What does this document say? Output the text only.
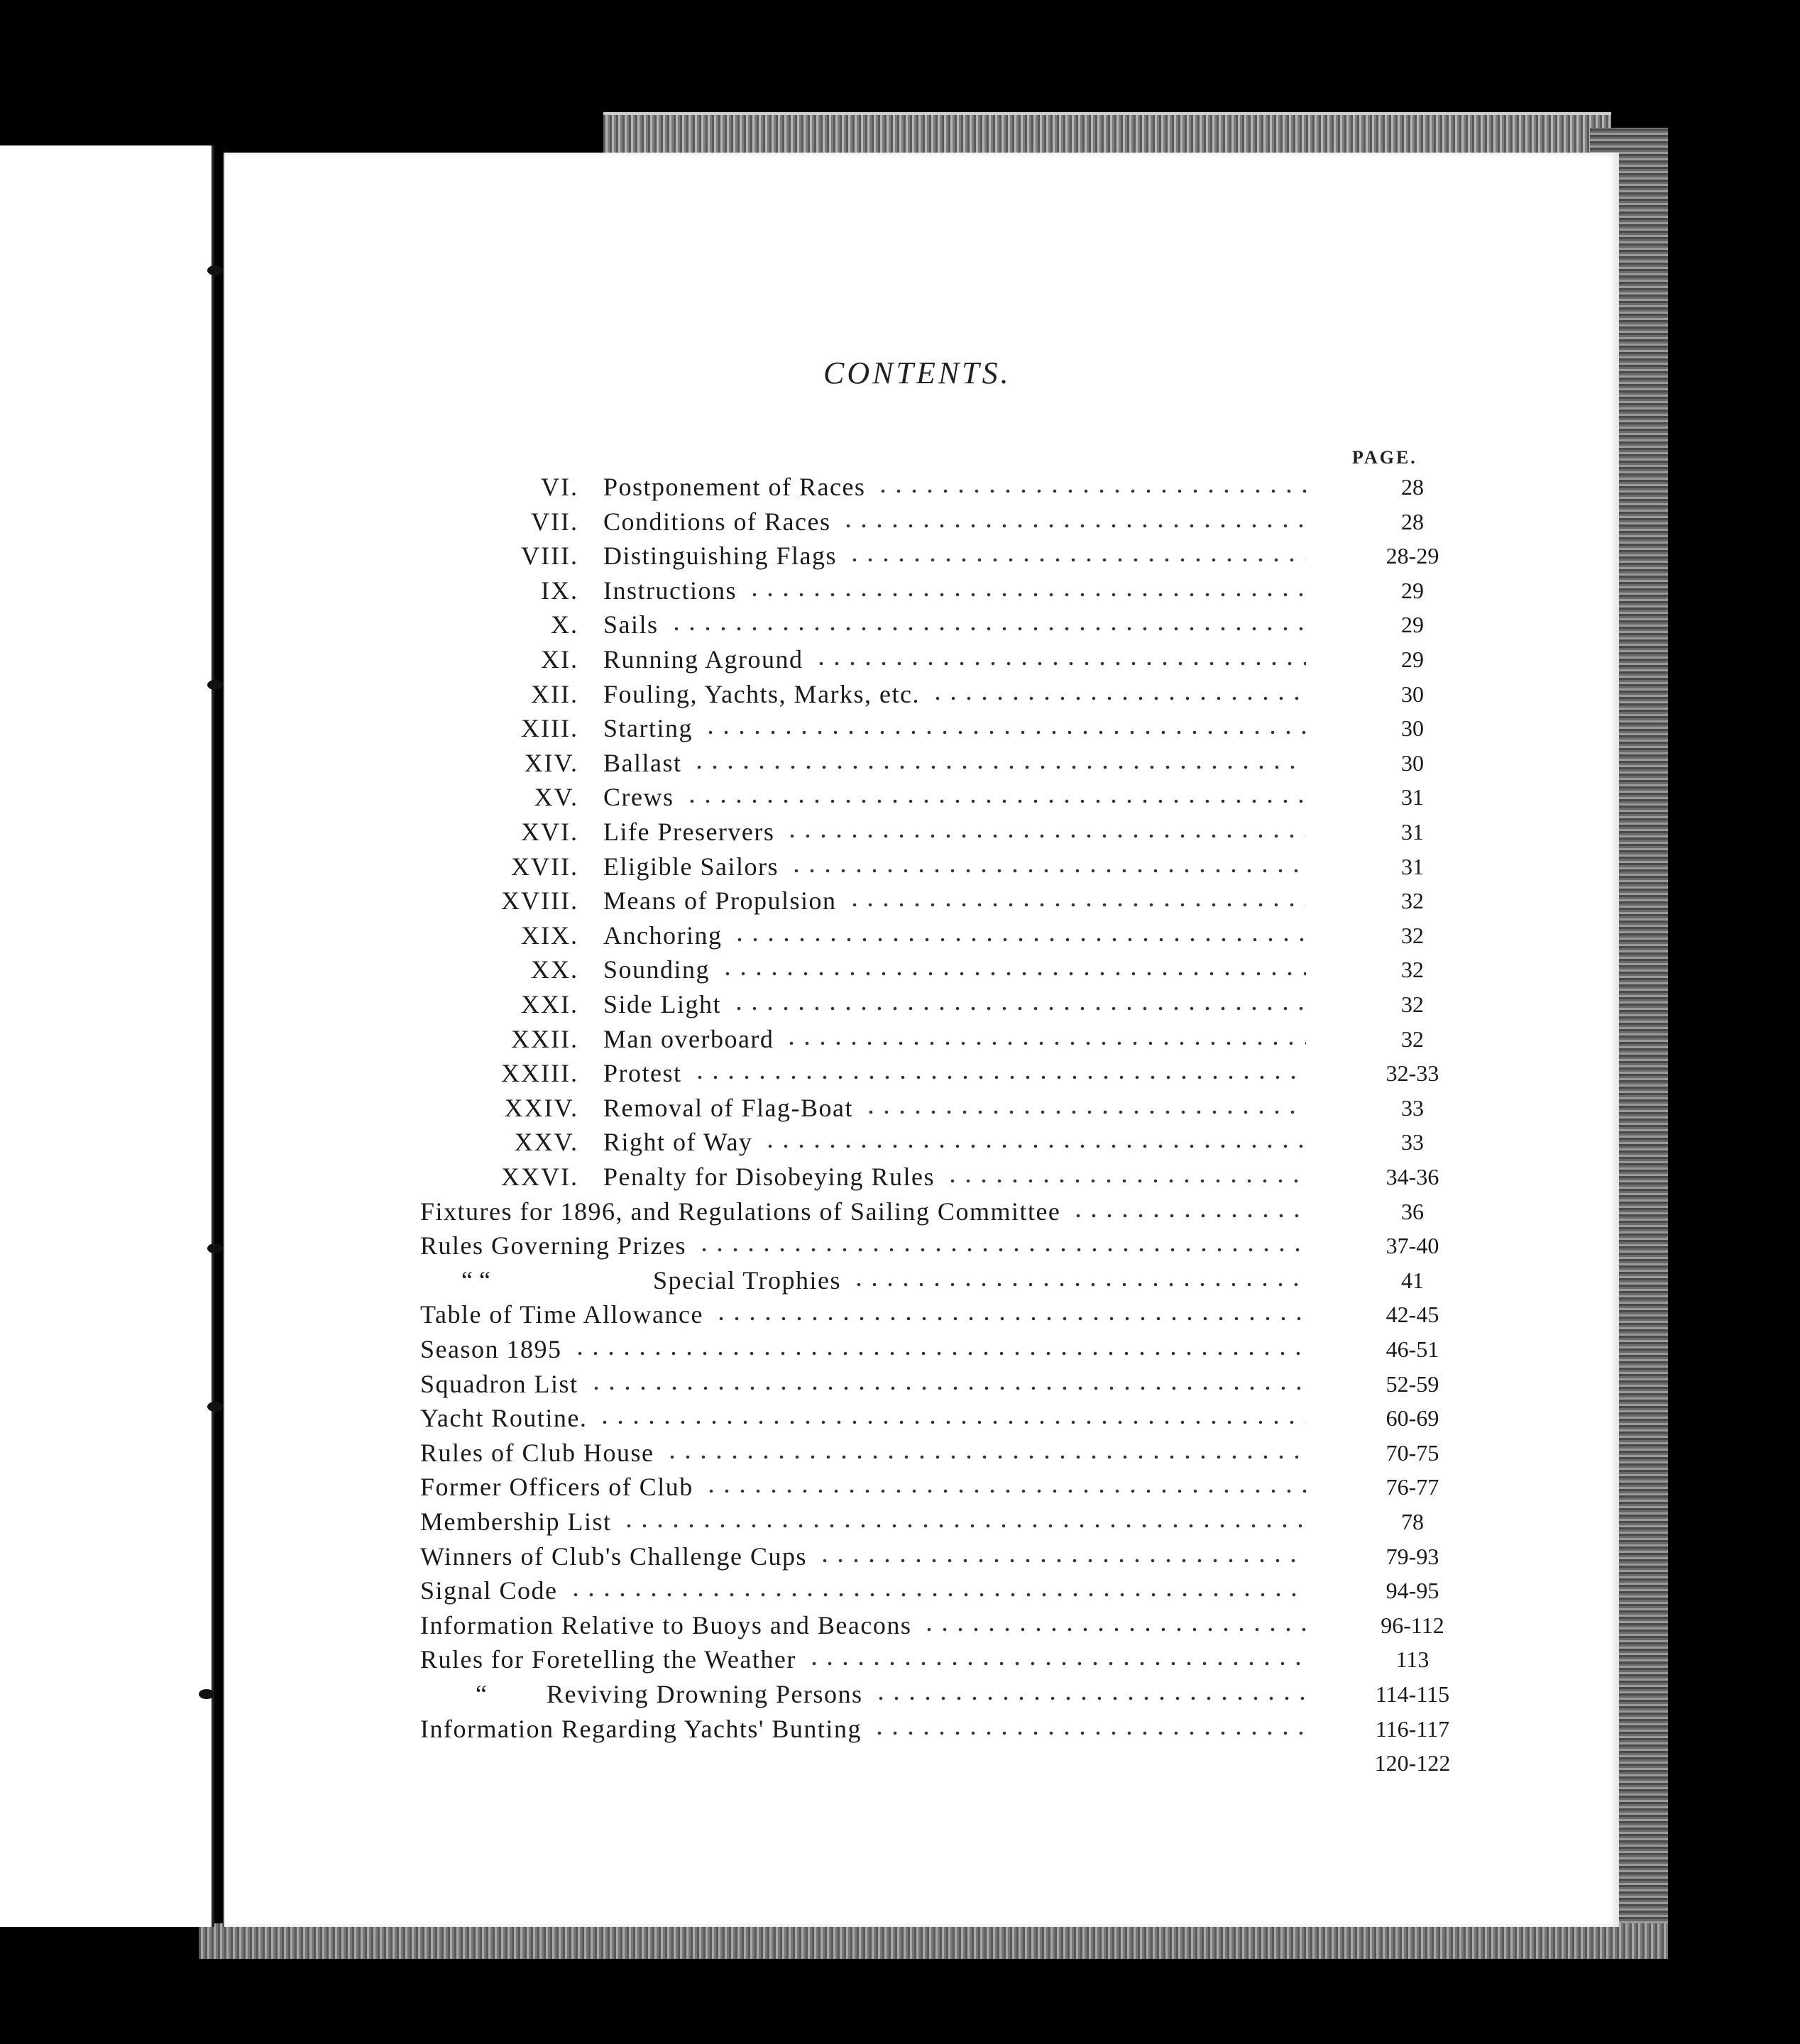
CONTENTS.
PAGE.
VI. Postponement of Races	28
VII. Conditions of Races	28
VIII. Distinguishing Flags	28-29
IX. Instructions	29
X. Sails	29
XI. Running Aground	29
XII. Fouling, Yachts, Marks, etc.	30
XIII. Starting	30
XIV. Ballast	30
XV. Crews	31
XVI. Life Preservers	31
XVII. Eligible Sailors	31
XVIII. Means of Propulsion	32
XIX. Anchoring	32
XX. Sounding	32
XXI. Side Light	32
XXII. Man overboard	32
XXIII. Protest	32-33
XXIV. Removal of Flag-Boat	33
XXV. Right of Way	33
XXVI. Penalty for Disobeying Rules	34-36
Fixtures for 1896, and Regulations of Sailing Committee	36
Rules Governing Prizes	37-40
“ “	Special Trophies	41
Table of Time Allowance	42-45
Season 1895	46-51
Squadron List	52-59
Yacht Routine.	60-69
Rules of Club House	70-75
Former Officers of Club	76-77
Membership List	78
Winners of Club's Challenge Cups	79-93
Signal Code	94-95
Information Relative to Buoys and Beacons	96-112
Rules for Foretelling the Weather	113
“ Reviving Drowning Persons	114-115
Information Regarding Yachts' Bunting	116-117
120-122
